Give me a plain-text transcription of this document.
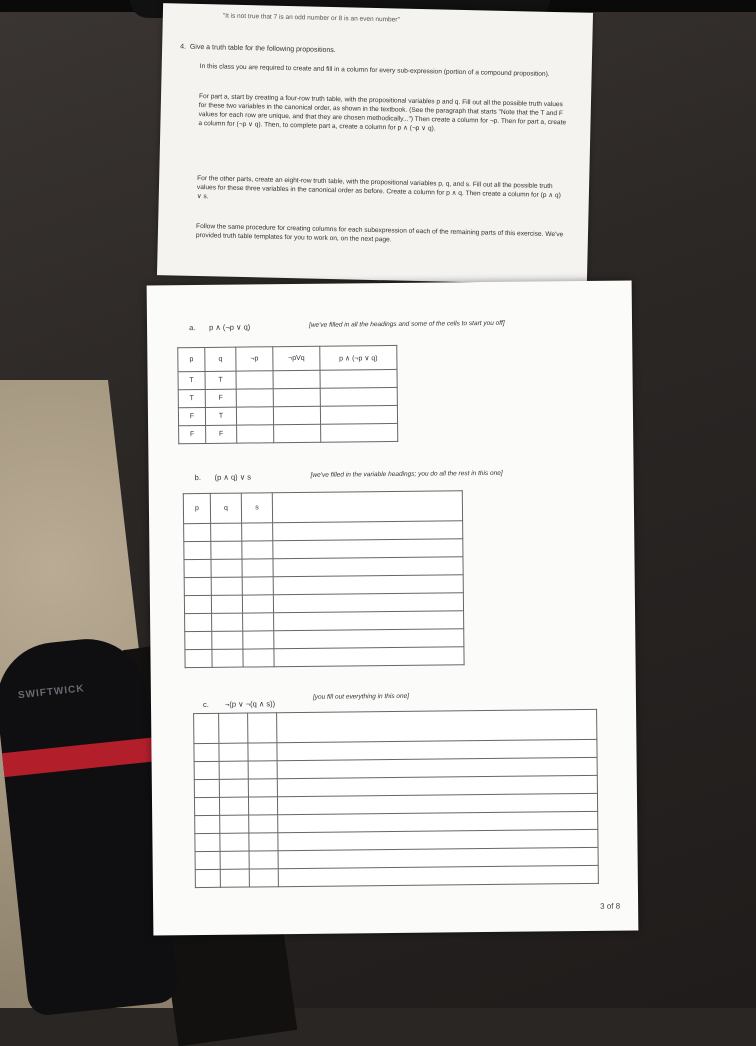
SWIFTWICK
"It is not true that 7 is an odd number or 8 is an even number"
4.  Give a truth table for the following propositions.
In this class you are required to create and fill in a column for every sub-expression (portion of a compound proposition).
For part a, start by creating a four-row truth table, with the propositional variables p and q. Fill out all the possible truth values for these two variables in the canonical order, as shown in the textbook. (See the paragraph that starts "Note that the T and F values for each row are unique, and that they are chosen methodically...") Then create a column for ¬p. Then for part a, create a column for (¬p ∨ q). Then, to complete part a, create a column for p ∧ (¬p ∨ q).
For the other parts, create an eight-row truth table, with the propositional variables p, q, and s. Fill out all the possible truth values for these three variables in the canonical order as before. Create a column for p ∧ q. Then create a column for (p ∧ q) ∨ s.
Follow the same procedure for creating columns for each subexpression of each of the remaining parts of this exercise. We've provided truth table templates for you to work on, on the next page.
a. p ∧ (¬p ∨ q)	[we've filled in all the headings and some of the cells to start you off]
p	q	¬p	¬pVq	p ∧ (¬p ∨ q)
T	T			
T	F			
F	T			
F	F			
b. (p ∧ q) ∨ s	[we've filled in the variable headings; you do all the rest in this one]
p	q	s	

c. ¬(p ∨ ¬(q ∧ s))
[you fill out everything in this one]

3 of 8
